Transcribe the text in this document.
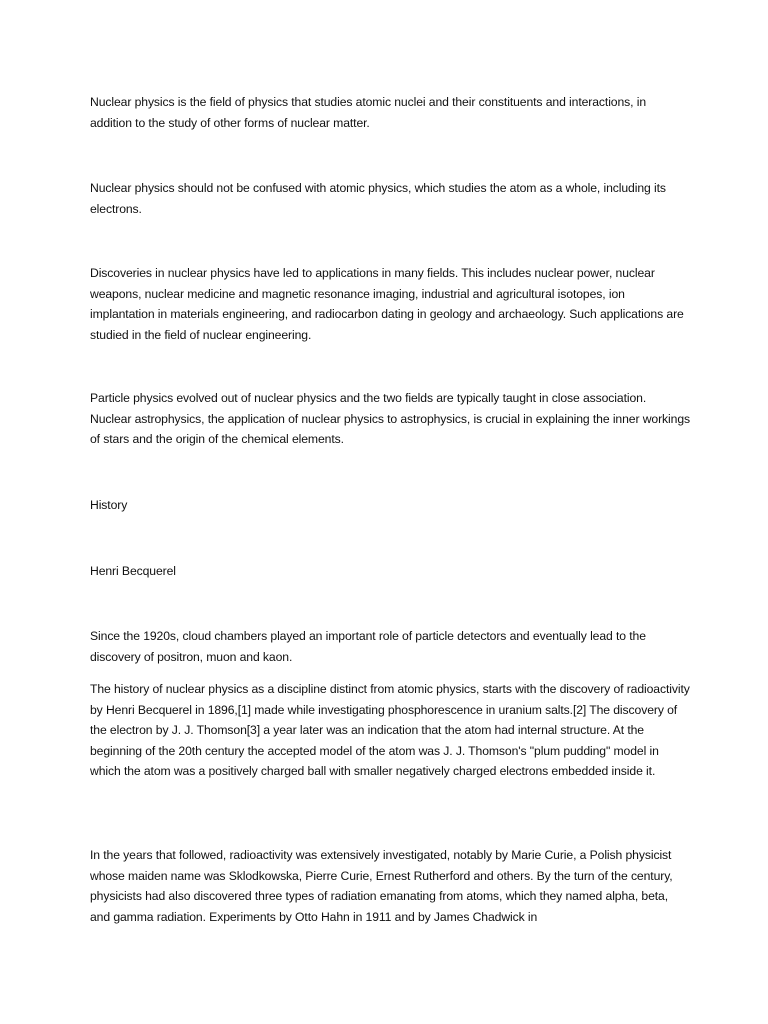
Nuclear physics is the field of physics that studies atomic nuclei and their constituents and interactions, in addition to the study of other forms of nuclear matter.

Nuclear physics should not be confused with atomic physics, which studies the atom as a whole, including its electrons.

Discoveries in nuclear physics have led to applications in many fields. This includes nuclear power, nuclear weapons, nuclear medicine and magnetic resonance imaging, industrial and agricultural isotopes, ion implantation in materials engineering, and radiocarbon dating in geology and archaeology. Such applications are studied in the field of nuclear engineering.

Particle physics evolved out of nuclear physics and the two fields are typically taught in close association. Nuclear astrophysics, the application of nuclear physics to astrophysics, is crucial in explaining the inner workings of stars and the origin of the chemical elements.

History

Henri Becquerel

Since the 1920s, cloud chambers played an important role of particle detectors and eventually lead to the discovery of positron, muon and kaon.

The history of nuclear physics as a discipline distinct from atomic physics, starts with the discovery of radioactivity by Henri Becquerel in 1896,[1] made while investigating phosphorescence in uranium salts.[2] The discovery of the electron by J. J. Thomson[3] a year later was an indication that the atom had internal structure. At the beginning of the 20th century the accepted model of the atom was J. J. Thomson's "plum pudding" model in which the atom was a positively charged ball with smaller negatively charged electrons embedded inside it.

In the years that followed, radioactivity was extensively investigated, notably by Marie Curie, a Polish physicist whose maiden name was Sklodkowska, Pierre Curie, Ernest Rutherford and others. By the turn of the century, physicists had also discovered three types of radiation emanating from atoms, which they named alpha, beta, and gamma radiation. Experiments by Otto Hahn in 1911 and by James Chadwick in
